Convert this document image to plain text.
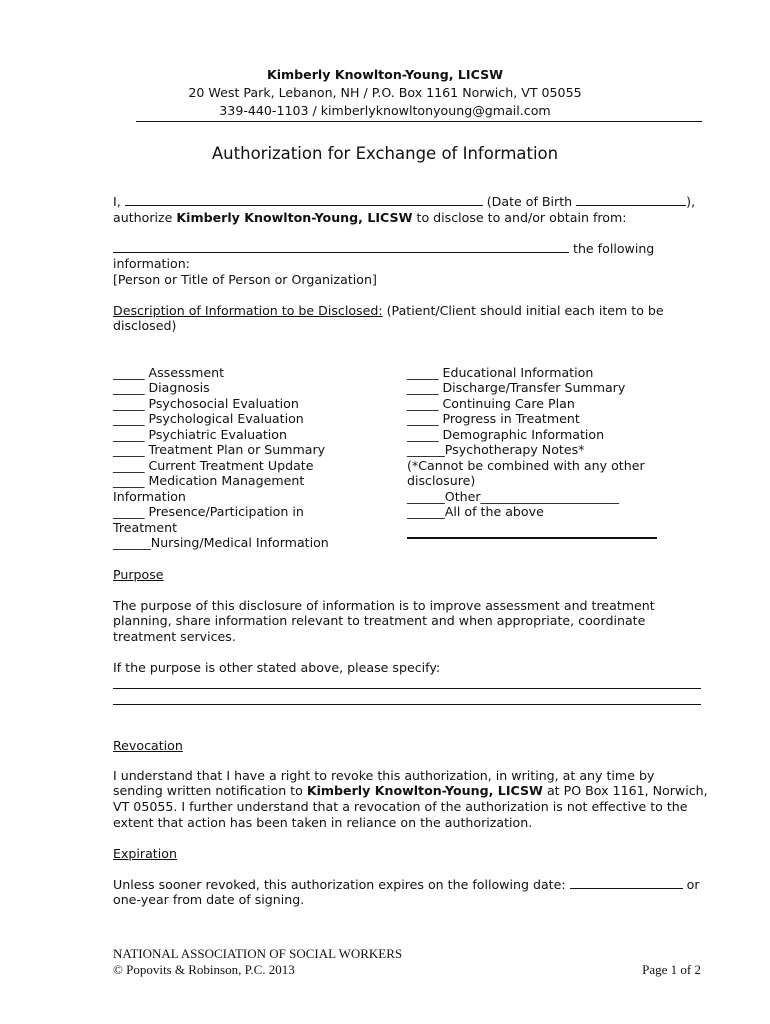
Kimberly Knowlton-Young, LICSW
20 West Park, Lebanon, NH / P.O. Box 1161 Norwich, VT 05055
339-440-1103 / kimberlyknowltonyoung@gmail.com
Authorization for Exchange of Information
I,	(Date of Birth	),
authorize Kimberly Knowlton-Young, LICSW to disclose to and/or obtain from:
the following
information:
[Person or Title of Person or Organization]
Description of Information to be Disclosed: (Patient/Client should initial each item to be
disclosed)
_____ Assessment
_____ Diagnosis
_____ Psychosocial Evaluation
_____ Psychological Evaluation
_____ Psychiatric Evaluation
_____ Treatment Plan or Summary
_____ Current Treatment Update
_____ Medication Management
Information
_____ Presence/Participation in
Treatment
______Nursing/Medical Information
_____ Educational Information
_____ Discharge/Transfer Summary
_____ Continuing Care Plan
_____ Progress in Treatment
_____ Demographic Information
______Psychotherapy Notes*
(*Cannot be combined with any other
disclosure)
______Other______________________
______All of the above
Purpose
The purpose of this disclosure of information is to improve assessment and treatment
planning, share information relevant to treatment and when appropriate, coordinate
treatment services.
If the purpose is other stated above, please specify:
Revocation
I understand that I have a right to revoke this authorization, in writing, at any time by
sending written notification to Kimberly Knowlton-Young, LICSW at PO Box 1161, Norwich,
VT 05055. I further understand that a revocation of the authorization is not effective to the
extent that action has been taken in reliance on the authorization.
Expiration
Unless sooner revoked, this authorization expires on the following date:	or
one-year from date of signing.
NATIONAL ASSOCIATION OF SOCIAL WORKERS
© Popovits & Robinson, P.C. 2013	Page 1 of 2
